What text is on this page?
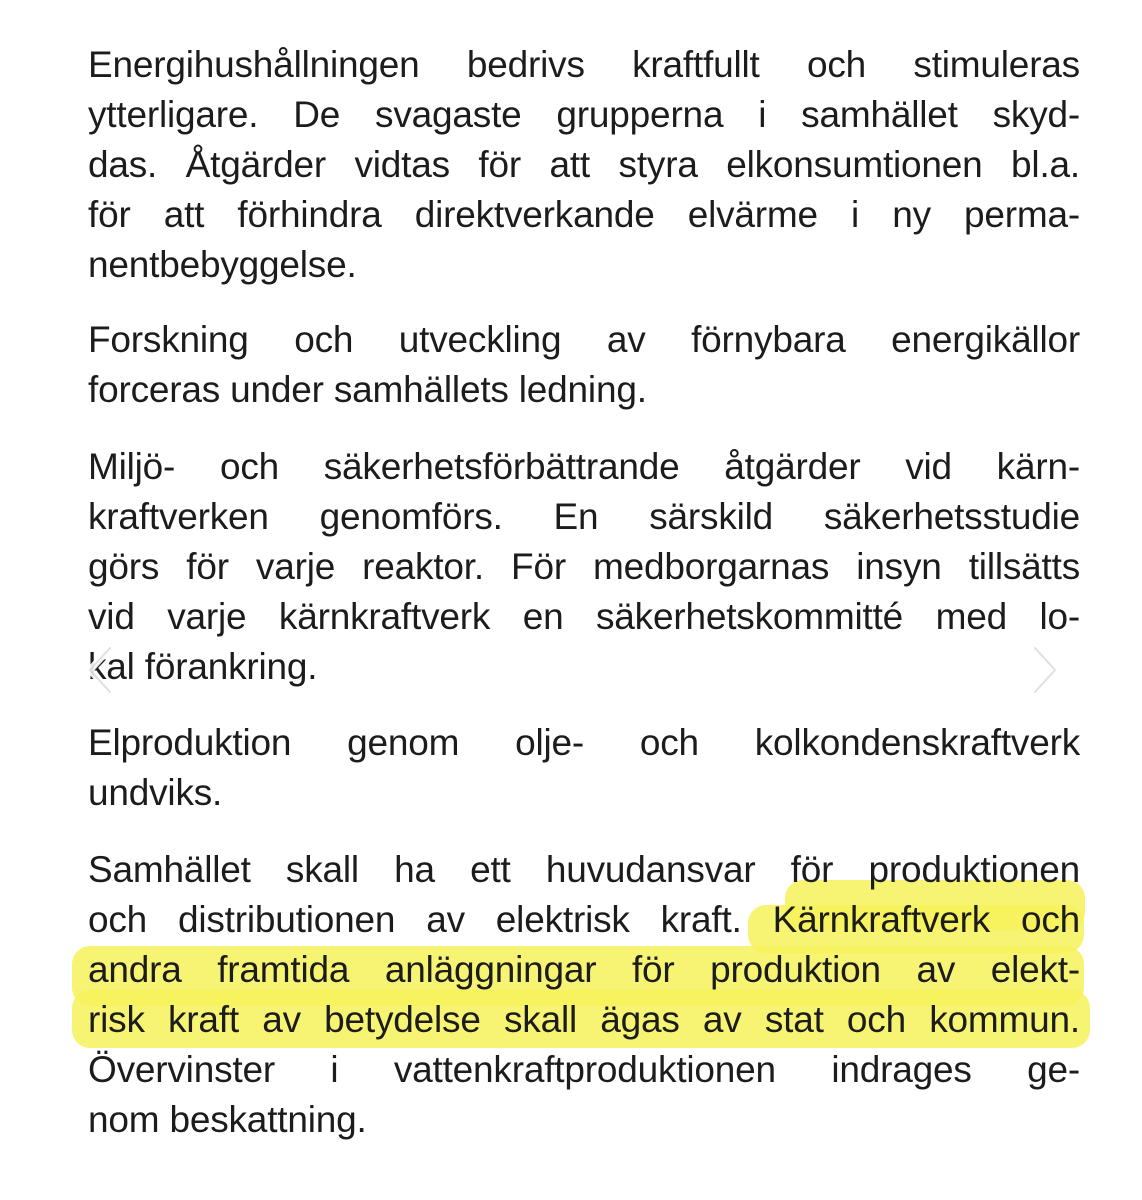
Energihushållningen bedrivs kraftfullt och stimuleras
ytterligare. De svagaste grupperna i samhället skyd-
das. Åtgärder vidtas för att styra elkonsumtionen bl.a.
för att förhindra direktverkande elvärme i ny perma-
nentbebyggelse.
Forskning och utveckling av förnybara energikällor
forceras under samhällets ledning.
Miljö- och säkerhetsförbättrande åtgärder vid kärn-
kraftverken genomförs. En särskild säkerhetsstudie
görs för varje reaktor. För medborgarnas insyn tillsätts
vid varje kärnkraftverk en säkerhetskommitté med lo-
kal förankring.
Elproduktion genom olje- och kolkondenskraftverk
undviks.
Samhället skall ha ett huvudansvar för produktionen
och distributionen av elektrisk kraft. Kärnkraftverk och
andra framtida anläggningar för produktion av elekt-
risk kraft av betydelse skall ägas av stat och kommun.
Övervinster i vattenkraftproduktionen indrages ge-
nom beskattning.
